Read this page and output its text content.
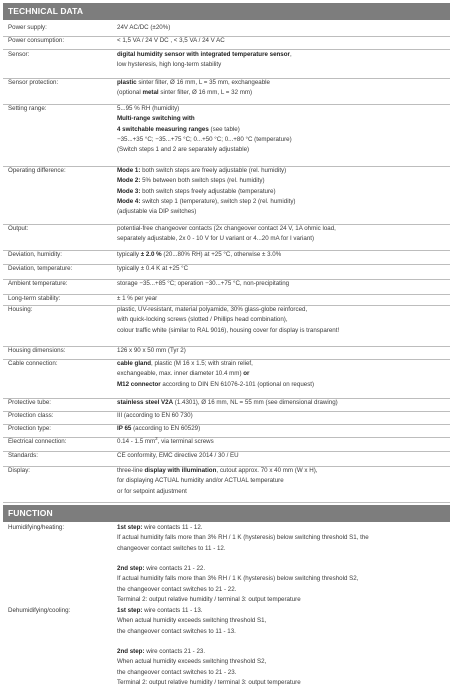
TECHNICAL DATA
Power supply:	24V AC/DC (±20%)
Power consumption:	< 1,5 VA / 24 V DC , < 3,5 VA / 24 V AC
Sensor:	digital humidity sensor with integrated temperature sensor,
low hysteresis, high long-term stability
Sensor protection:	plastic sinter filter, Ø 16 mm, L = 35 mm, exchangeable
(optional metal sinter filter, Ø 16 mm, L = 32 mm)
Setting range:	5...95 % RH (humidity)
Multi-range switching with
4 switchable measuring ranges (see table)
−35...+35 °C; −35...+75 °C; 0...+50 °C; 0...+80 °C (temperature)
(Switch steps 1 and 2 are separately adjustable)
Operating difference:	Mode 1: both switch steps are freely adjustable (rel. humidity)
Mode 2: 5% between both switch steps (rel. humidity)
Mode 3: both switch steps freely adjustable (temperature)
Mode 4: switch step 1 (temperature), switch step 2 (rel. humidity)
(adjustable via DIP switches)
Output:	potential-free changeover contacts (2x changeover contact 24 V, 1A ohmic load,
separately adjustable, 2x 0 - 10 V for U variant or 4...20 mA for I variant)
Deviation, humidity:	typically ± 2.0 % (20...80% RH) at +25 °C, otherwise ± 3.0%
Deviation, temperature:	typically ± 0.4 K at +25 °C
Ambient temperature:	storage −35...+85 °C; operation −30...+75 °C, non-precipitating
Long-term stability:	± 1 % per year
Housing:	plastic, UV-resistant, material polyamide, 30% glass-globe reinforced,
with quick-locking screws (slotted / Phillips head combination),
colour traffic white (similar to RAL 9016), housing cover for display is transparent!
Housing dimensions:	126 x 90 x 50 mm (Tyr 2)
Cable connection:	cable gland, plastic (M 16 x 1.5; with strain relief,
exchangeable, max. inner diameter 10.4 mm) or
M12 connector according to DIN EN 61076-2-101 (optional on request)
Protective tube:	stainless steel V2A (1.4301), Ø 16 mm, NL = 55 mm (see dimensional drawing)
Protection class:	III (according to EN 60 730)
Protection type:	IP 65 (according to EN 60529)
Electrical connection:	0.14 - 1.5 $mm^2$, via terminal screws
Standards:	CE conformity, EMC directive 2014 / 30 / EU
Display:	three-line display with illumination, cutout approx. 70 x 40 mm (W x H),
for displaying ACTUAL humidity and/or ACTUAL temperature
or for setpoint adjustment
FUNCTION
Humidifying/heating:	1st step: wire contacts 11 - 12.
If actual humidity falls more than 3% RH / 1 K (hysteresis) below switching threshold S1, the
changeover contact switches to 11 - 12.

2nd step: wire contacts 21 - 22.
If actual humidity falls more than 3% RH / 1 K (hysteresis) below switching threshold S2,
the changeover contact switches to 21 - 22.
Terminal 2: output relative humidity / terminal 3: output temperature
Dehumidifying/cooling:	1st step: wire contacts 11 - 13.
When actual humidity exceeds switching threshold S1,
the changeover contact switches to 11 - 13.

2nd step: wire contacts 21 - 23.
When actual humidity exceeds switching threshold S2,
the changeover contact switches to 21 - 23.
Terminal 2: output relative humidity / terminal 3: output temperature
